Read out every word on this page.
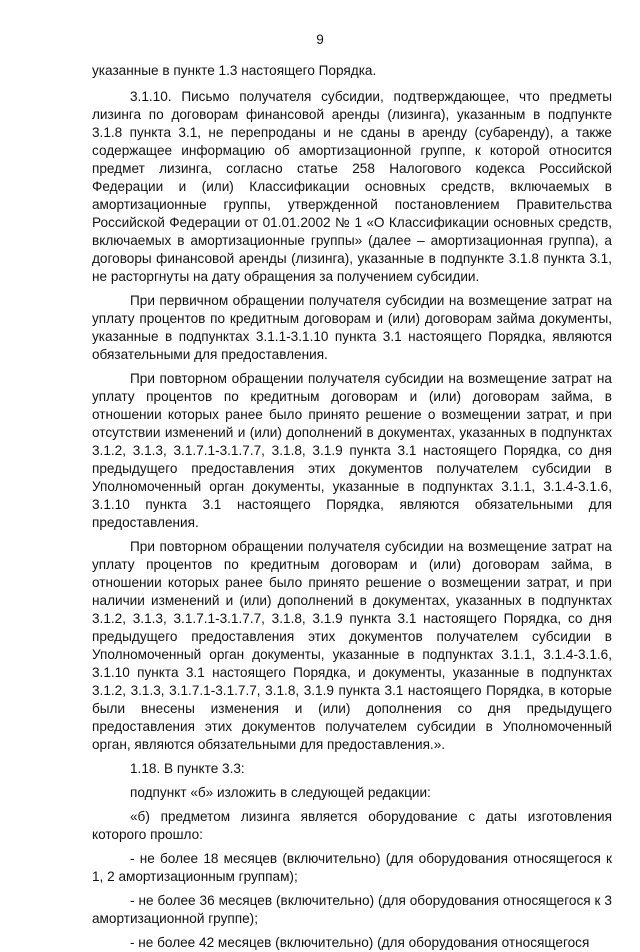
9

указанные в пункте 1.3 настоящего Порядка.

3.1.10. Письмо получателя субсидии, подтверждающее, что предметы лизинга по договорам финансовой аренды (лизинга), указанным в подпункте 3.1.8 пункта 3.1, не перепроданы и не сданы в аренду (субаренду), а также содержащее информацию об амортизационной группе, к которой относится предмет лизинга, согласно статье 258 Налогового кодекса Российской Федерации и (или) Классификации основных средств, включаемых в амортизационные группы, утвержденной постановлением Правительства Российской Федерации от 01.01.2002 № 1 «О Классификации основных средств, включаемых в амортизационные группы» (далее – амортизационная группа), а договоры финансовой аренды (лизинга), указанные в подпункте 3.1.8 пункта 3.1, не расторгнуты на дату обращения за получением субсидии.

При первичном обращении получателя субсидии на возмещение затрат на уплату процентов по кредитным договорам и (или) договорам займа документы, указанные в подпунктах 3.1.1-3.1.10 пункта 3.1 настоящего Порядка, являются обязательными для предоставления.

При повторном обращении получателя субсидии на возмещение затрат на уплату процентов по кредитным договорам и (или) договорам займа, в отношении которых ранее было принято решение о возмещении затрат, и при отсутствии изменений и (или) дополнений в документах, указанных в подпунктах 3.1.2, 3.1.3, 3.1.7.1-3.1.7.7, 3.1.8, 3.1.9 пункта 3.1 настоящего Порядка, со дня предыдущего предоставления этих документов получателем субсидии в Уполномоченный орган документы, указанные в подпунктах 3.1.1, 3.1.4-3.1.6, 3.1.10 пункта 3.1 настоящего Порядка, являются обязательными для предоставления.

При повторном обращении получателя субсидии на возмещение затрат на уплату процентов по кредитным договорам и (или) договорам займа, в отношении которых ранее было принято решение о возмещении затрат, и при наличии изменений и (или) дополнений в документах, указанных в подпунктах 3.1.2, 3.1.3, 3.1.7.1-3.1.7.7, 3.1.8, 3.1.9 пункта 3.1 настоящего Порядка, со дня предыдущего предоставления этих документов получателем субсидии в Уполномоченный орган документы, указанные в подпунктах 3.1.1, 3.1.4-3.1.6, 3.1.10 пункта 3.1 настоящего Порядка, и документы, указанные в подпунктах 3.1.2, 3.1.3, 3.1.7.1-3.1.7.7, 3.1.8, 3.1.9 пункта 3.1 настоящего Порядка, в которые были внесены изменения и (или) дополнения со дня предыдущего предоставления этих документов получателем субсидии в Уполномоченный орган, являются обязательными для предоставления.».

1.18. В пункте 3.3:

подпункт «б» изложить в следующей редакции:

«б) предметом лизинга является оборудование с даты изготовления которого прошло:

- не более 18 месяцев (включительно) (для оборудования относящегося к 1, 2 амортизационным группам);

- не более 36 месяцев (включительно) (для оборудования относящегося к 3 амортизационной группе);

- не более 42 месяцев (включительно) (для оборудования относящегося
